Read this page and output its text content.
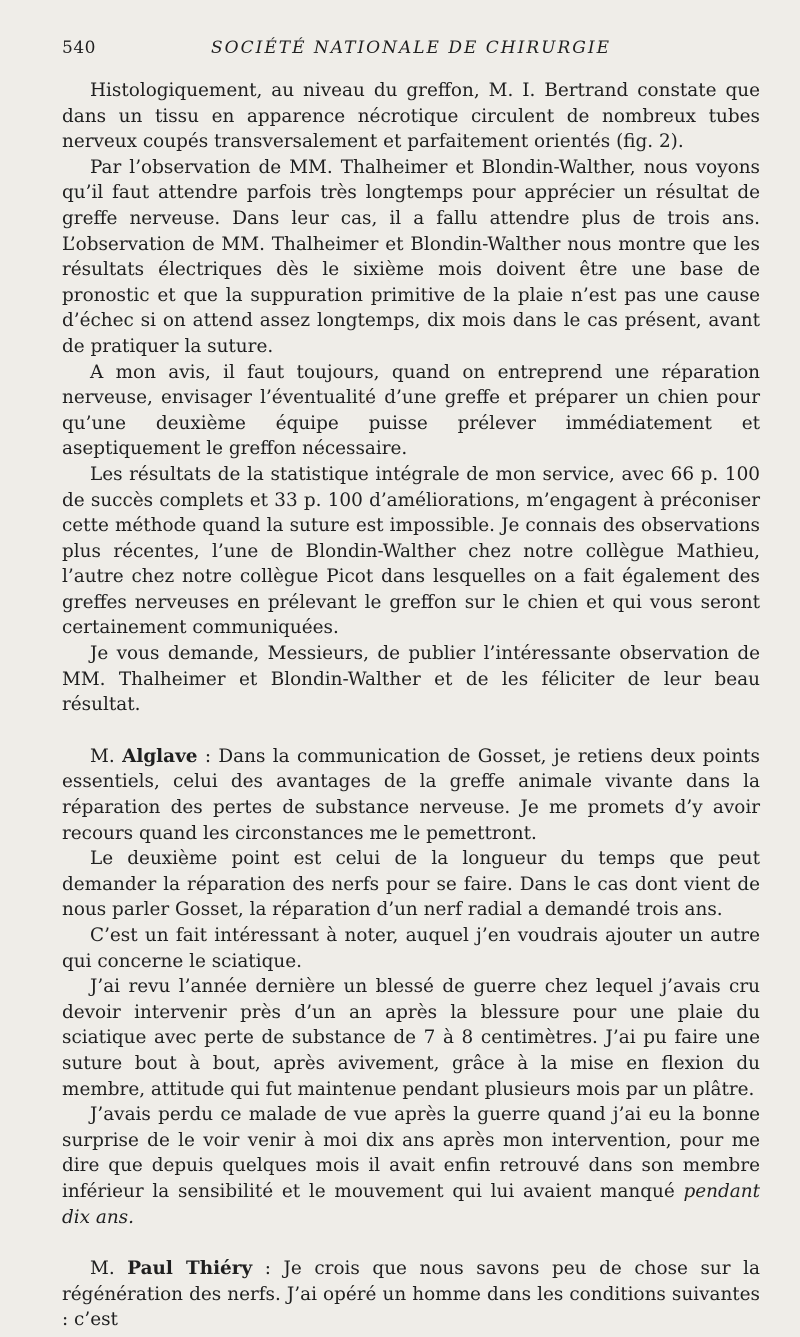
540	SOCIÉTÉ NATIONALE DE CHIRURGIE

Histologiquement, au niveau du greffon, M. I. Bertrand constate que dans un tissu en apparence nécrotique circulent de nombreux tubes nerveux coupés transversalement et parfaitement orientés (fig. 2).

Par l’observation de MM. Thalheimer et Blondin-Walther, nous voyons qu’il faut attendre parfois très longtemps pour apprécier un résultat de greffe nerveuse. Dans leur cas, il a fallu attendre plus de trois ans. L’observation de MM. Thalheimer et Blondin-Walther nous montre que les résultats électriques dès le sixième mois doivent être une base de pronostic et que la suppuration primitive de la plaie n’est pas une cause d’échec si on attend assez longtemps, dix mois dans le cas présent, avant de pratiquer la suture.

A mon avis, il faut toujours, quand on entreprend une réparation nerveuse, envisager l’éventualité d’une greffe et préparer un chien pour qu’une deuxième équipe puisse prélever immédiatement et aseptiquement le greffon nécessaire.

Les résultats de la statistique intégrale de mon service, avec 66 p. 100 de succès complets et 33 p. 100 d’améliorations, m’engagent à préconiser cette méthode quand la suture est impossible. Je connais des observations plus récentes, l’une de Blondin-Walther chez notre collègue Mathieu, l’autre chez notre collègue Picot dans lesquelles on a fait également des greffes nerveuses en prélevant le greffon sur le chien et qui vous seront certainement communiquées.

Je vous demande, Messieurs, de publier l’intéressante observation de MM. Thalheimer et Blondin-Walther et de les féliciter de leur beau résultat.

M. Alglave : Dans la communication de Gosset, je retiens deux points essentiels, celui des avantages de la greffe animale vivante dans la réparation des pertes de substance nerveuse. Je me promets d’y avoir recours quand les circonstances me le pemettront.

Le deuxième point est celui de la longueur du temps que peut demander la réparation des nerfs pour se faire. Dans le cas dont vient de nous parler Gosset, la réparation d’un nerf radial a demandé trois ans.

C’est un fait intéressant à noter, auquel j’en voudrais ajouter un autre qui concerne le sciatique.

J’ai revu l’année dernière un blessé de guerre chez lequel j’avais cru devoir intervenir près d’un an après la blessure pour une plaie du sciatique avec perte de substance de 7 à 8 centimètres. J’ai pu faire une suture bout à bout, après avivement, grâce à la mise en flexion du membre, attitude qui fut maintenue pendant plusieurs mois par un plâtre.

J’avais perdu ce malade de vue après la guerre quand j’ai eu la bonne surprise de le voir venir à moi dix ans après mon intervention, pour me dire que depuis quelques mois il avait enfin retrouvé dans son membre inférieur la sensibilité et le mouvement qui lui avaient manqué pendant dix ans.

M. Paul Thiéry : Je crois que nous savons peu de chose sur la régénération des nerfs. J’ai opéré un homme dans les conditions suivantes : c’est
